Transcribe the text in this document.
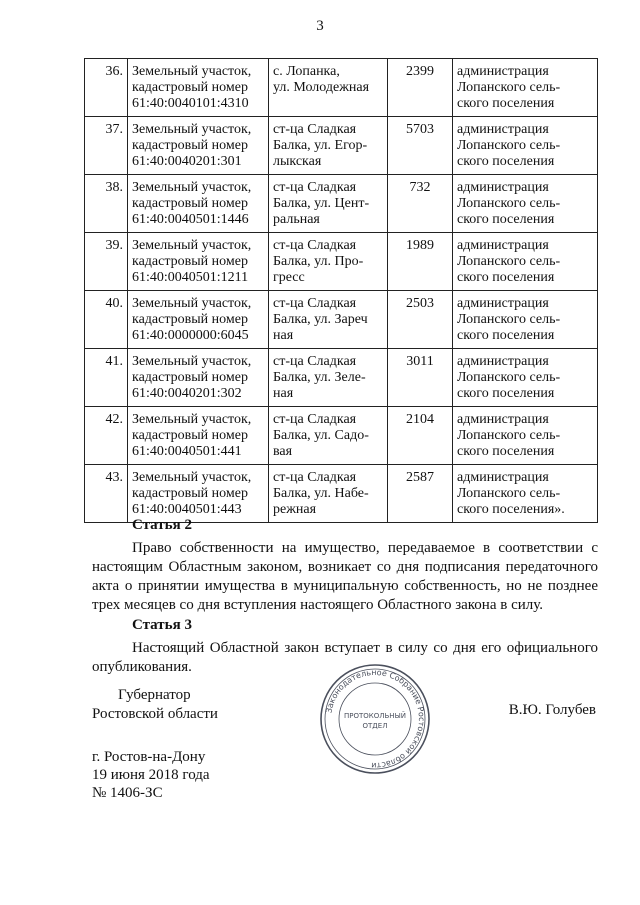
3
36.	Земельный участок,
кадастровый номер
61:40:0040101:4310	с. Лопанка,
ул. Молодежная	2399	администрация
Лопанского сель-
ского поселения

37.	Земельный участок,
кадастровый номер
61:40:0040201:301	ст-ца Сладкая
Балка, ул. Егор-
лыкская	5703	администрация
Лопанского сель-
ского поселения

38.	Земельный участок,
кадастровый номер
61:40:0040501:1446	ст-ца Сладкая
Балка, ул. Цент-
ральная	732	администрация
Лопанского сель-
ского поселения

39.	Земельный участок,
кадастровый номер
61:40:0040501:1211	ст-ца Сладкая
Балка, ул. Про-
гресс	1989	администрация
Лопанского сель-
ского поселения

40.	Земельный участок,
кадастровый номер
61:40:0000000:6045	ст-ца Сладкая
Балка, ул. Зареч
ная	2503	администрация
Лопанского сель-
ского поселения

41.	Земельный участок,
кадастровый номер
61:40:0040201:302	ст-ца Сладкая
Балка, ул. Зеле-
ная	3011	администрация
Лопанского сель-
ского поселения

42.	Земельный участок,
кадастровый номер
61:40:0040501:441	ст-ца Сладкая
Балка, ул. Садо-
вая	2104	администрация
Лопанского сель-
ского поселения

43.	Земельный участок,
кадастровый номер
61:40:0040501:443	ст-ца Сладкая
Балка, ул. Набе-
режная	2587	администрация
Лопанского сель-
ского поселения».
Статья 2
Право собственности на имущество, передаваемое в соответствии с настоящим Областным законом, возникает со дня подписания передаточного акта о принятии имущества в муниципальную собственность, но не позднее трех месяцев со дня вступления настоящего Областного закона в силу.
Статья 3
Настоящий Областной закон вступает в силу со дня его официального опубликования.
Губернатор
Ростовской области	В.Ю. Голубев
Законодательное Собрание Ростовской области
ПРОТОКОЛЬНЫЙ
ОТДЕЛ
г. Ростов-на-Дону
19 июня 2018 года
№ 1406-ЗС
